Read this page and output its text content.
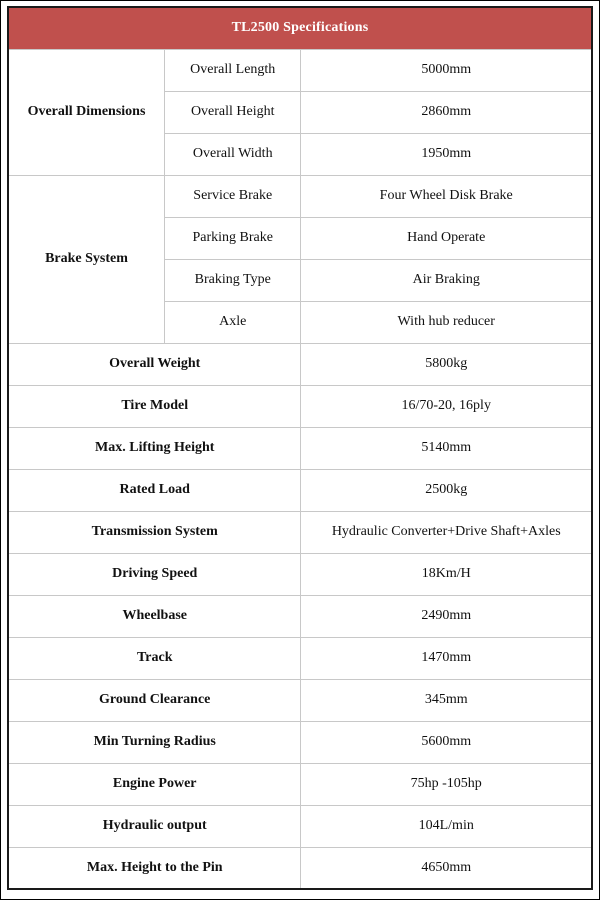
TL2500 Specifications		
Overall Dimensions	Overall Length	5000mm
	Overall Height	2860mm
	Overall Width	1950mm
Brake System	Service Brake	Four Wheel Disk Brake
	Parking Brake	Hand Operate
	Braking Type	Air Braking
	Axle	With hub reducer
Overall Weight		5800kg
Tire Model		16/70-20, 16ply
Max. Lifting Height		5140mm
Rated Load		2500kg
Transmission System		Hydraulic Converter+Drive Shaft+Axles
Driving Speed		18Km/H
Wheelbase		2490mm
Track		1470mm
Ground Clearance		345mm
Min Turning Radius		5600mm
Engine Power		75hp -105hp
Hydraulic output		104L/min
Max. Height to the Pin		4650mm
